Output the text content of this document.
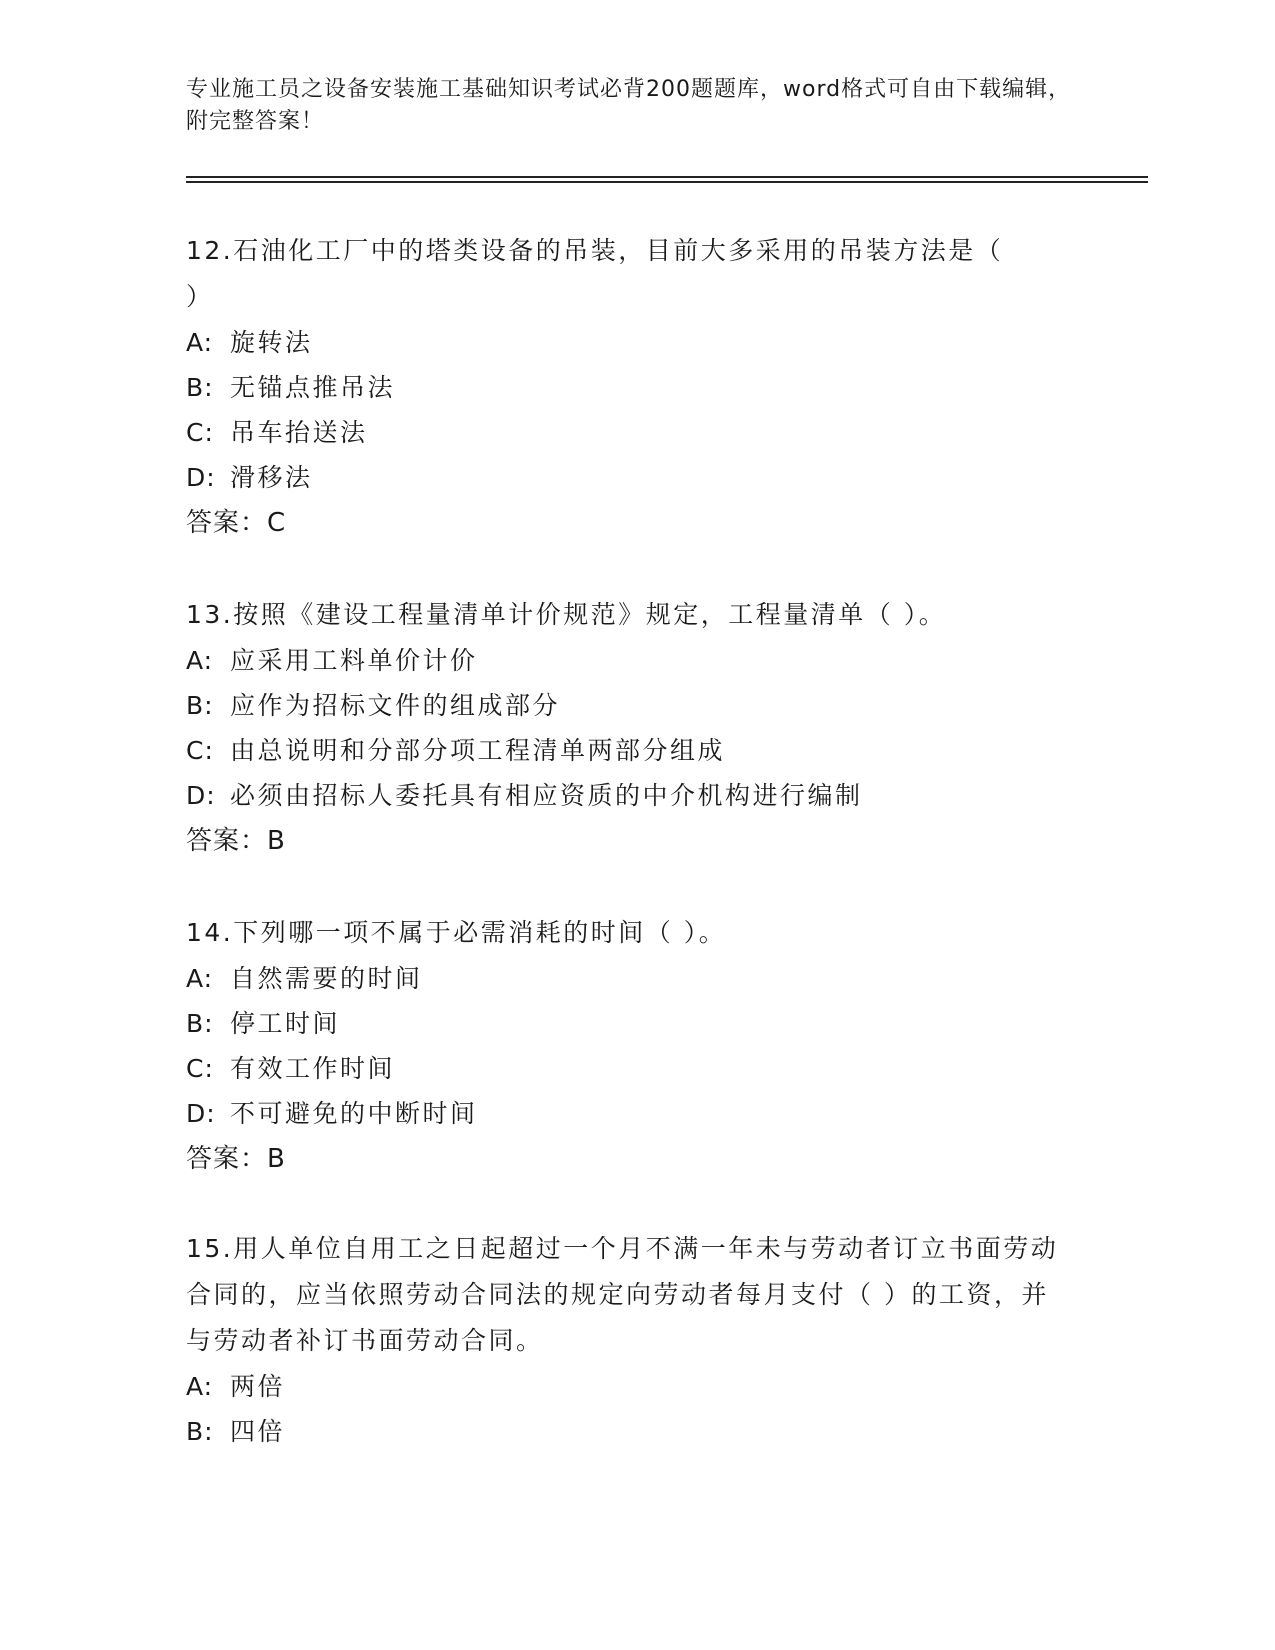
专业施工员之设备安装施工基础知识考试必背200题题库，word格式可自由下载编辑，附完整答案！

12.石油化工厂中的塔类设备的吊装，目前大多采用的吊装方法是（ ）

A: 旋转法

B: 无锚点推吊法

C: 吊车抬送法

D: 滑移法

答案：C

13.按照《建设工程量清单计价规范》规定，工程量清单（ ）。

A: 应采用工料单价计价

B: 应作为招标文件的组成部分

C: 由总说明和分部分项工程清单两部分组成

D: 必须由招标人委托具有相应资质的中介机构进行编制

答案：B

14.下列哪一项不属于必需消耗的时间（ ）。

A: 自然需要的时间

B: 停工时间

C: 有效工作时间

D: 不可避免的中断时间

答案：B

15.用人单位自用工之日起超过一个月不满一年未与劳动者订立书面劳动合同的，应当依照劳动合同法的规定向劳动者每月支付（ ）的工资，并与劳动者补订书面劳动合同。

A: 两倍

B: 四倍
